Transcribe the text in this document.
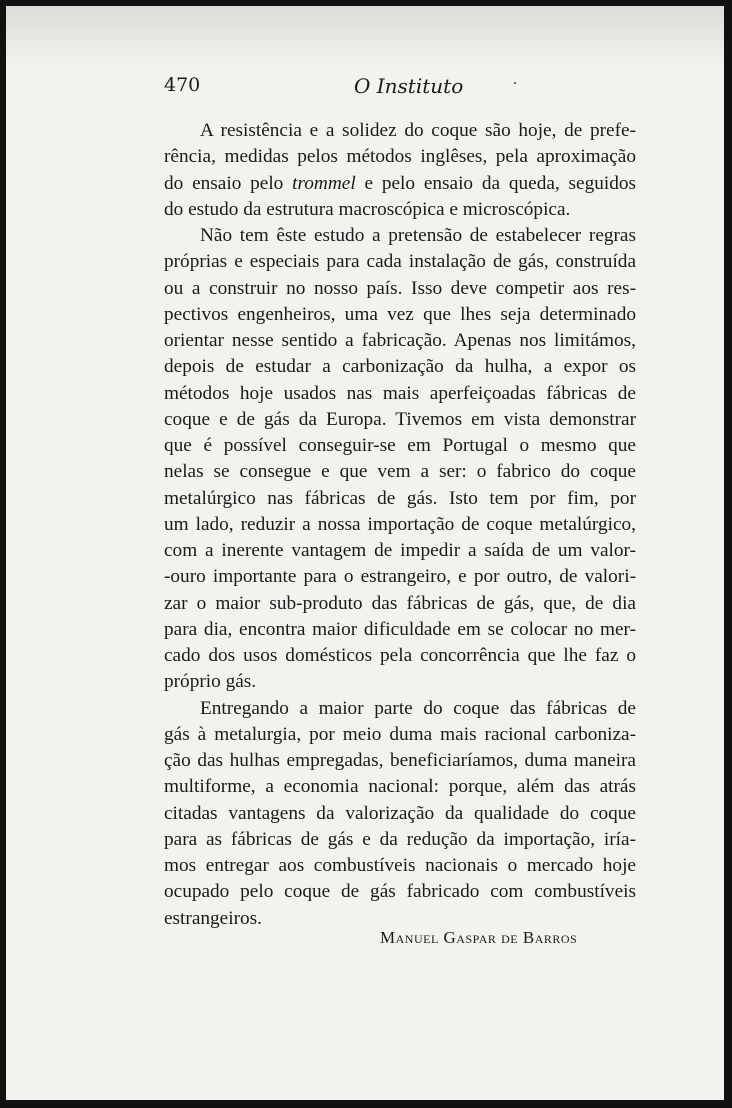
470	O Instituto
A resistência e a solidez do coque são hoje, de prefe-
rência, medidas pelos métodos inglêses, pela aproximação
do ensaio pelo trommel e pelo ensaio da queda, seguidos
do estudo da estrutura macroscópica e microscópica.
Não tem êste estudo a pretensão de estabelecer regras
próprias e especiais para cada instalação de gás, construída
ou a construir no nosso país. Isso deve competir aos res-
pectivos engenheiros, uma vez que lhes seja determinado
orientar nesse sentido a fabricação. Apenas nos limitámos,
depois de estudar a carbonização da hulha, a expor os
métodos hoje usados nas mais aperfeiçoadas fábricas de
coque e de gás da Europa. Tivemos em vista demonstrar
que é possível conseguir-se em Portugal o mesmo que
nelas se consegue e que vem a ser: o fabrico do coque
metalúrgico nas fábricas de gás. Isto tem por fim, por
um lado, reduzir a nossa importação de coque metalúrgico,
com a inerente vantagem de impedir a saída de um valor-
-ouro importante para o estrangeiro, e por outro, de valori-
zar o maior sub-produto das fábricas de gás, que, de dia
para dia, encontra maior dificuldade em se colocar no mer-
cado dos usos domésticos pela concorrência que lhe faz o
próprio gás.
Entregando a maior parte do coque das fábricas de
gás à metalurgia, por meio duma mais racional carboniza-
ção das hulhas empregadas, beneficiaríamos, duma maneira
multiforme, a economia nacional: porque, além das atrás
citadas vantagens da valorização da qualidade do coque
para as fábricas de gás e da redução da importação, iría-
mos entregar aos combustíveis nacionais o mercado hoje
ocupado pelo coque de gás fabricado com combustíveis
estrangeiros.
Manuel Gaspar de Barros
